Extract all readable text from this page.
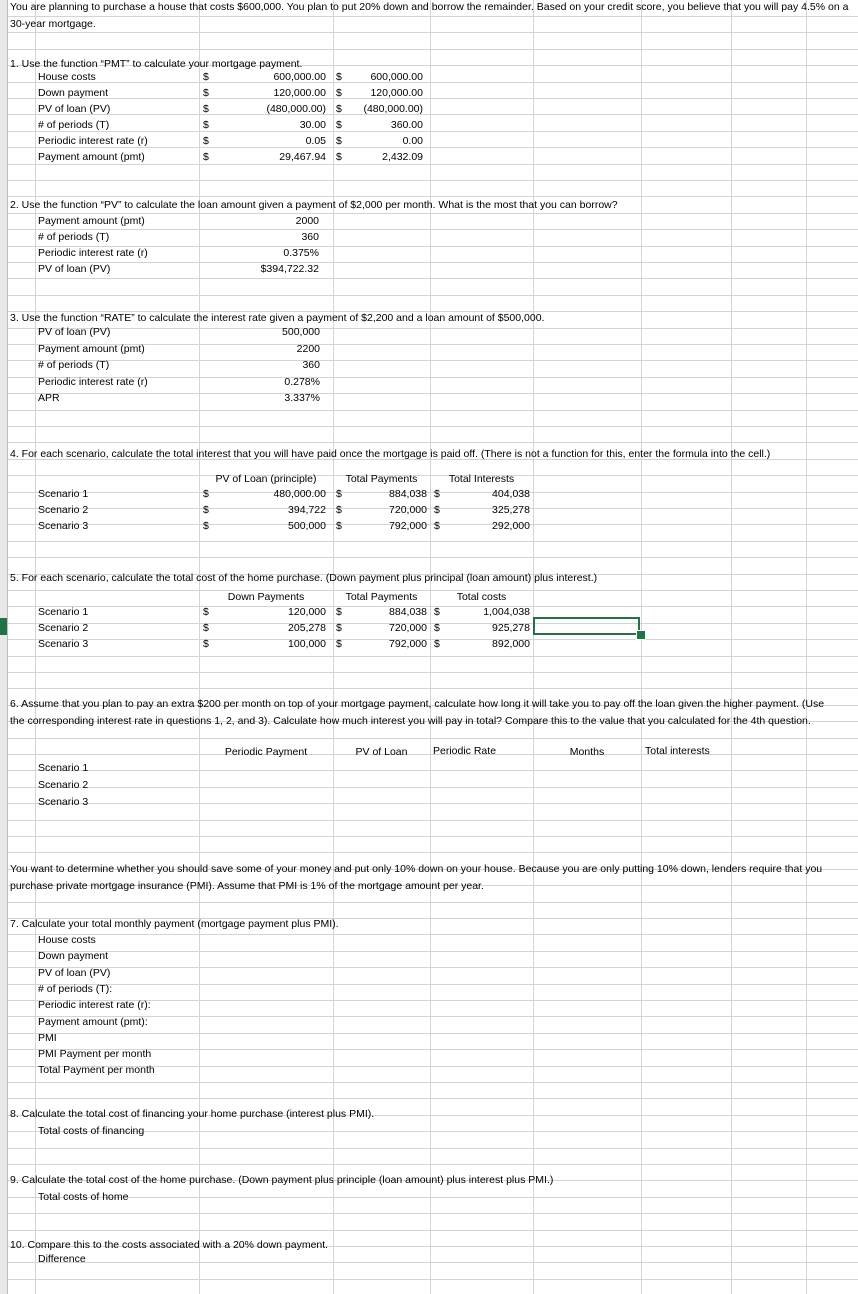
You are planning to purchase a house that costs $600,000. You plan to put 20% down and borrow the remainder. Based on your credit score, you believe that you will pay 4.5% on a
30-year mortgage.
1. Use the function “PMT” to calculate your mortgage payment.
House costs	$	600,000.00 $	600,000.00
Down payment	$	120,000.00 $	120,000.00
PV of loan (PV)	$	(480,000.00) $	(480,000.00)
# of periods (T)	$	30.00 $	360.00
Periodic interest rate (r)	$	0.05 $	0.00
Payment amount (pmt)	$	29,467.94 $	2,432.09
2. Use the function “PV” to calculate the loan amount given a payment of $2,000 per month. What is the most that you can borrow?
Payment amount (pmt)	2000
# of periods (T)	360
Periodic interest rate (r)	0.375%
PV of loan (PV)	$394,722.32
3. Use the function “RATE” to calculate the interest rate given a payment of $2,200 and a loan amount of $500,000.
PV of loan (PV)	500,000
Payment amount (pmt)	2200
# of periods (T)	360
Periodic interest rate (r)	0.278%
APR	3.337%
4. For each scenario, calculate the total interest that you will have paid once the mortgage is paid off. (There is not a function for this, enter the formula into the cell.)
PV of Loan (principle)	Total Payments	Total Interests
Scenario 1	$	480,000.00 $	884,038 $	404,038
Scenario 2	$	394,722 $	720,000 $	325,278
Scenario 3	$	500,000 $	792,000 $	292,000
5. For each scenario, calculate the total cost of the home purchase. (Down payment plus principal (loan amount) plus interest.)
Down Payments	Total Payments	Total costs
Scenario 1	$	120,000 $	884,038 $	1,004,038
Scenario 2	$	205,278 $	720,000 $	925,278
Scenario 3	$	100,000 $	792,000 $	892,000
6. Assume that you plan to pay an extra $200 per month on top of your mortgage payment, calculate how long it will take you to pay off the loan given the higher payment. (Use
the corresponding interest rate in questions 1, 2, and 3). Calculate how much interest you will pay in total? Compare this to the value that you calculated for the 4th question.
Periodic Payment	PV of Loan	Periodic Rate	Months	Total interests
Scenario 1
Scenario 2
Scenario 3
You want to determine whether you should save some of your money and put only 10% down on your house. Because you are only putting 10% down, lenders require that you
purchase private mortgage insurance (PMI). Assume that PMI is 1% of the mortgage amount per year.
7. Calculate your total monthly payment (mortgage payment plus PMI).
House costs
Down payment
PV of loan (PV)
# of periods (T):
Periodic interest rate (r):
Payment amount (pmt):
PMI
PMI Payment per month
Total Payment per month
8. Calculate the total cost of financing your home purchase (interest plus PMI).
Total costs of financing
9. Calculate the total cost of the home purchase. (Down payment plus principle (loan amount) plus interest plus PMI.)
Total costs of home
10. Compare this to the costs associated with a 20% down payment.
Difference
